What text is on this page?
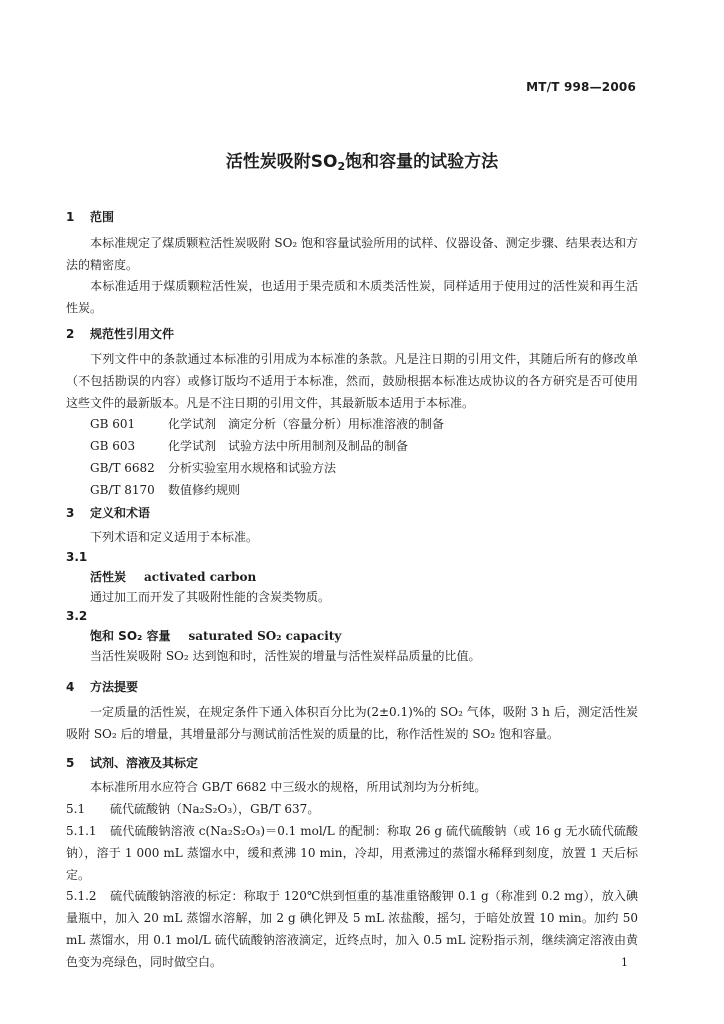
MT/T 998—2006
活性炭吸附$SO_2$饱和容量的试验方法
1 范围
本标准规定了煤质颗粒活性炭吸附 SO₂ 饱和容量试验所用的试样、仪器设备、测定步骤、结果表达和方法的精密度。
本标准适用于煤质颗粒活性炭，也适用于果壳质和木质类活性炭，同样适用于使用过的活性炭和再生活性炭。
2 规范性引用文件
下列文件中的条款通过本标准的引用成为本标准的条款。凡是注日期的引用文件，其随后所有的修改单（不包括勘误的内容）或修订版均不适用于本标准，然而，鼓励根据本标准达成协议的各方研究是否可使用这些文件的最新版本。凡是不注日期的引用文件，其最新版本适用于本标准。
GB 601	化学试剂　滴定分析（容量分析）用标准溶液的制备
GB 603	化学试剂　试验方法中所用制剂及制品的制备
GB/T 6682 分析实验室用水规格和试验方法
GB/T 8170 数值修约规则
3 定义和术语
下列术语和定义适用于本标准。
3.1
活性炭 activated carbon
通过加工而开发了其吸附性能的含炭类物质。
3.2
饱和 SO₂ 容量 saturated SO₂ capacity
当活性炭吸附 SO₂ 达到饱和时，活性炭的增量与活性炭样品质量的比值。
4 方法提要
一定质量的活性炭，在规定条件下通入体积百分比为(2±0.1)%的 SO₂ 气体，吸附 3 h 后，测定活性炭吸附 SO₂ 后的增量，其增量部分与测试前活性炭的质量的比，称作活性炭的 SO₂ 饱和容量。
5 试剂、溶液及其标定
本标准所用水应符合 GB/T 6682 中三级水的规格，所用试剂均为分析纯。
5.1 硫代硫酸钠（Na₂S₂O₃），GB/T 637。
5.1.1 硫代硫酸钠溶液 c(Na₂S₂O₃)＝0.1 mol/L 的配制：称取 26 g 硫代硫酸钠（或 16 g 无水硫代硫酸钠），溶于 1 000 mL 蒸馏水中，缓和煮沸 10 min，冷却，用煮沸过的蒸馏水稀释到刻度，放置 1 天后标定。
5.1.2 硫代硫酸钠溶液的标定：称取于 120℃烘到恒重的基准重铬酸钾 0.1 g（称准到 0.2 mg），放入碘量瓶中，加入 20 mL 蒸馏水溶解，加 2 g 碘化钾及 5 mL 浓盐酸，摇匀，于暗处放置 10 min。加约 50 mL 蒸馏水，用 0.1 mol/L 硫代硫酸钠溶液滴定，近终点时，加入 0.5 mL 淀粉指示剂，继续滴定溶液由黄色变为亮绿色，同时做空白。	1
